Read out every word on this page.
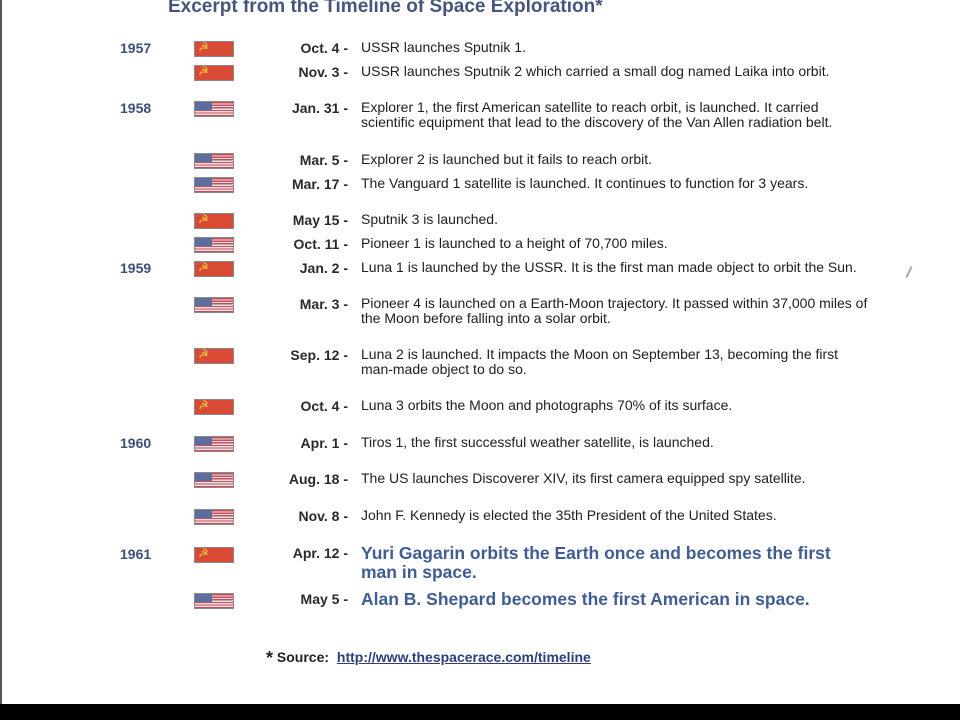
Excerpt from the Timeline of Space Exploration*
1957	☭	Oct. 4 - USSR launches Sputnik 1.
☭	Nov. 3 - USSR launches Sputnik 2 which carried a small dog named Laika into orbit.
1958	Jan. 31 - Explorer 1, the first American satellite to reach orbit, is launched. It carried scientific equipment that lead to the discovery of the Van Allen radiation belt.
Mar. 5 - Explorer 2 is launched but it fails to reach orbit.
Mar. 17 - The Vanguard 1 satellite is launched. It continues to function for 3 years.
☭	May 15 - Sputnik 3 is launched.
Oct. 11 - Pioneer 1 is launched to a height of 70,700 miles.
1959	☭	Jan. 2 - Luna 1 is launched by the USSR. It is the first man made object to orbit the Sun.
Mar. 3 - Pioneer 4 is launched on a Earth-Moon trajectory. It passed within 37,000 miles of the Moon before falling into a solar orbit.
☭	Sep. 12 - Luna 2 is launched. It impacts the Moon on September 13, becoming the first man-made object to do so.
☭	Oct. 4 - Luna 3 orbits the Moon and photographs 70% of its surface.
1960	Apr. 1 - Tiros 1, the first successful weather satellite, is launched.
Aug. 18 - The US launches Discoverer XIV, its first camera equipped spy satellite.
Nov. 8 - John F. Kennedy is elected the 35th President of the United States.
1961	☭	Apr. 12 - Yuri Gagarin orbits the Earth once and becomes the first man in space.
May 5 - Alan B. Shepard becomes the first American in space.
* Source: http://www.thespacerace.com/timeline
